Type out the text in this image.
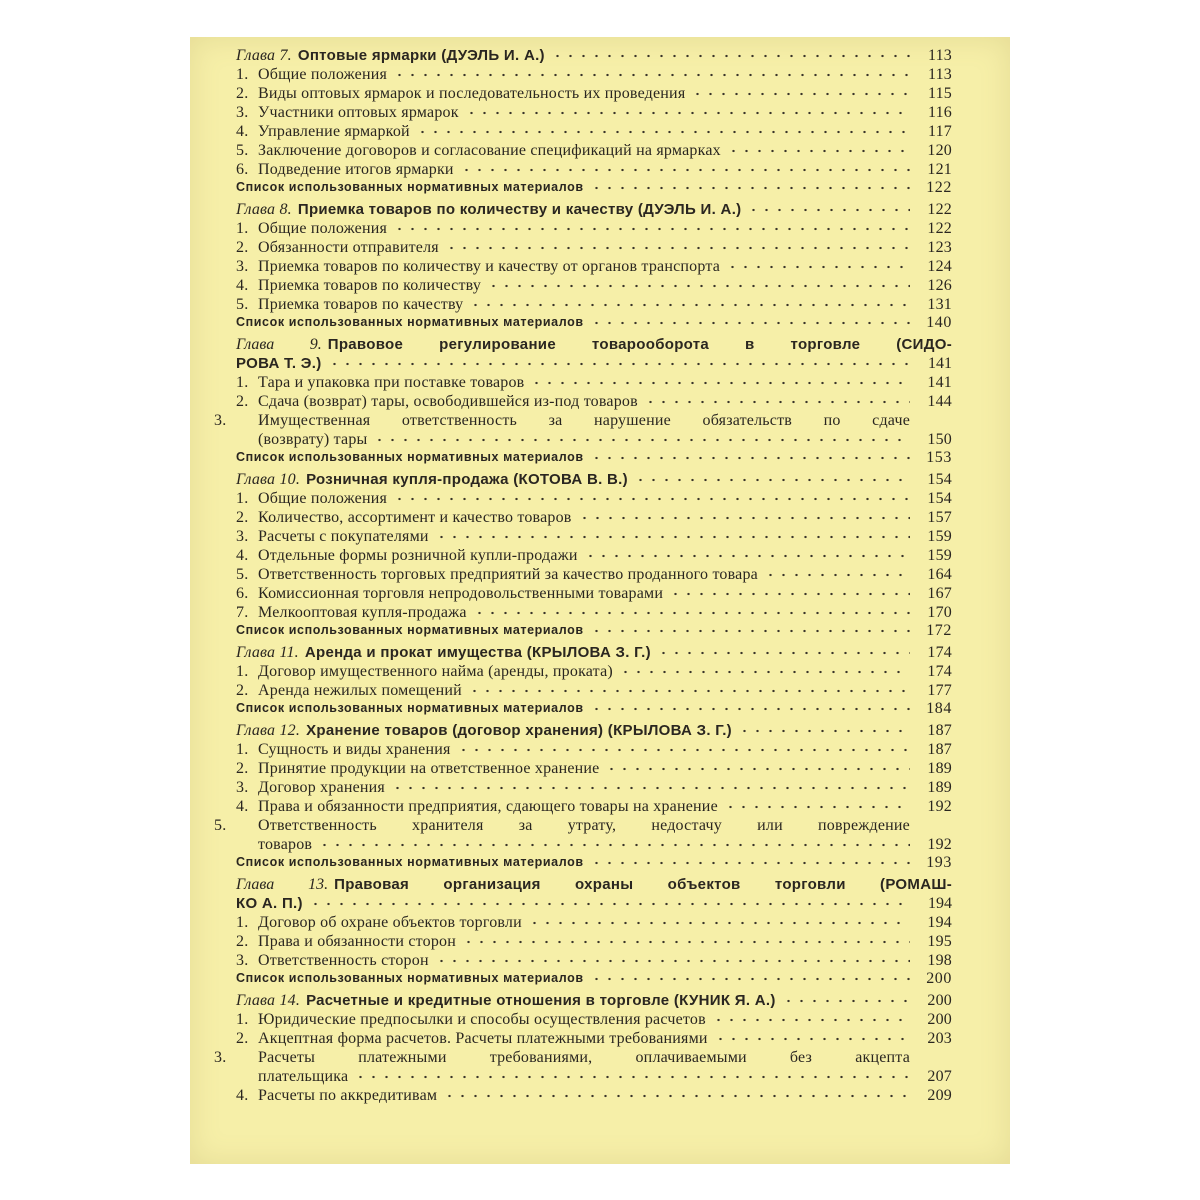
Глава 7. Оптовые ярмарки (ДУЭЛЬ И. А.)	113
1. Общие положения	113
2. Виды оптовых ярмарок и последовательность их проведения	115
3. Участники оптовых ярмарок	116
4. Управление ярмаркой	117
5. Заключение договоров и согласование спецификаций на ярмарках	120
6. Подведение итогов ярмарки	121
Список использованных нормативных материалов	122
Глава 8. Приемка товаров по количеству и качеству (ДУЭЛЬ И. А.)	122
1. Общие положения	122
2. Обязанности отправителя	123
3. Приемка товаров по количеству и качеству от органов транспорта	124
4. Приемка товаров по количеству	126
5. Приемка товаров по качеству	131
Список использованных нормативных материалов	140
Глава 9. Правовое регулирование товарооборота в торговле (СИДО-
РОВА Т. Э.)	141
1. Тара и упаковка при поставке товаров	141
2. Сдача (возврат) тары, освободившейся из-под товаров	144
3. Имущественная ответственность за нарушение обязательств по сдаче
(возврату) тары	150
Список использованных нормативных материалов	153
Глава 10. Розничная купля-продажа (КОТОВА В. В.)	154
1. Общие положения	154
2. Количество, ассортимент и качество товаров	157
3. Расчеты с покупателями	159
4. Отдельные формы розничной купли-продажи	159
5. Ответственность торговых предприятий за качество проданного товара	164
6. Комиссионная торговля непродовольственными товарами	167
7. Мелкооптовая купля-продажа	170
Список использованных нормативных материалов	172
Глава 11. Аренда и прокат имущества (КРЫЛОВА З. Г.)	174
1. Договор имущественного найма (аренды, проката)	174
2. Аренда нежилых помещений	177
Список использованных нормативных материалов	184
Глава 12. Хранение товаров (договор хранения) (КРЫЛОВА З. Г.)	187
1. Сущность и виды хранения	187
2. Принятие продукции на ответственное хранение	189
3. Договор хранения	189
4. Права и обязанности предприятия, сдающего товары на хранение	192
5. Ответственность хранителя за утрату, недостачу или повреждение
товаров	192
Список использованных нормативных материалов	193
Глава 13. Правовая организация охраны объектов торговли (РОМАШ-
КО А. П.)	194
1. Договор об охране объектов торговли	194
2. Права и обязанности сторон	195
3. Ответственность сторон	198
Список использованных нормативных материалов	200
Глава 14. Расчетные и кредитные отношения в торговле (КУНИК Я. А.)	200
1. Юридические предпосылки и способы осуществления расчетов	200
2. Акцептная форма расчетов. Расчеты платежными требованиями	203
3. Расчеты платежными требованиями, оплачиваемыми без акцепта
плательщика	207
4. Расчеты по аккредитивам	209
